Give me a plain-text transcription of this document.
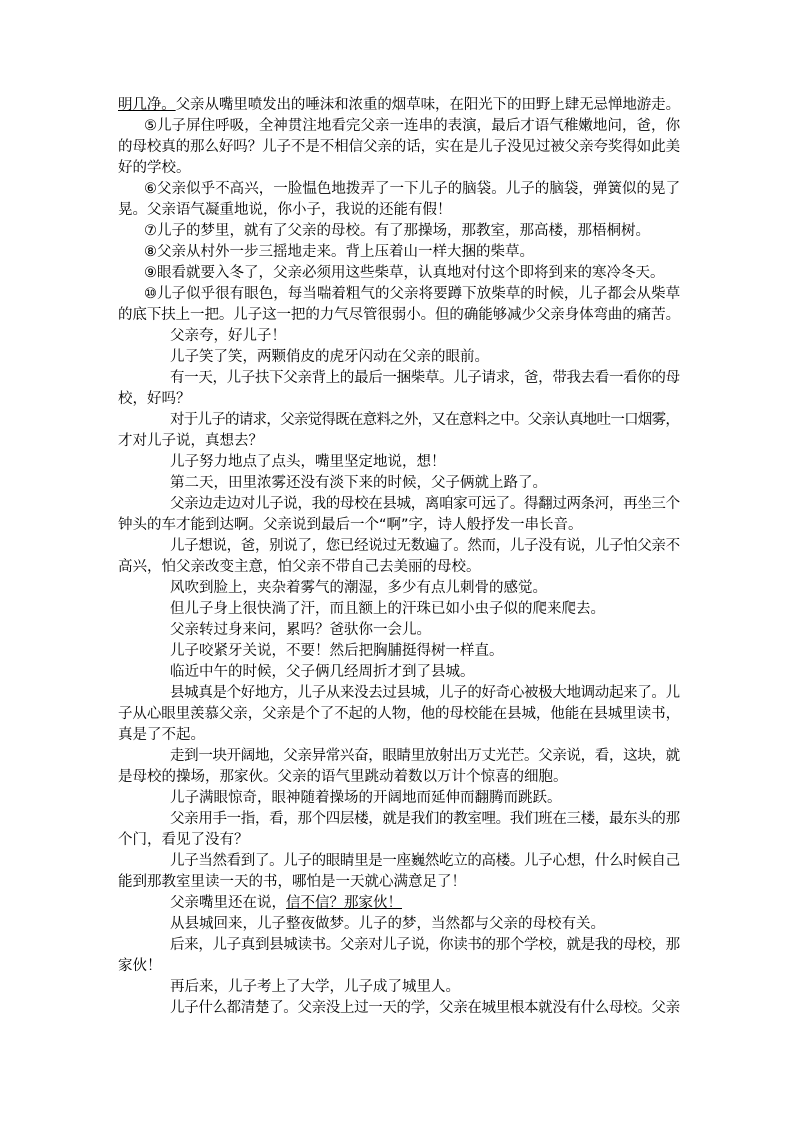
明几净。父亲从嘴里喷发出的唾沫和浓重的烟草味，在阳光下的田野上肆无忌惮地游走。
⑤儿子屏住呼吸，全神贯注地看完父亲一连串的表演，最后才语气稚嫩地问，爸，你
的母校真的那么好吗？儿子不是不相信父亲的话，实在是儿子没见过被父亲夸奖得如此美
好的学校。
⑥父亲似乎不高兴，一脸愠色地拨弄了一下儿子的脑袋。儿子的脑袋，弹簧似的晃了
晃。父亲语气凝重地说，你小子，我说的还能有假！
⑦儿子的梦里，就有了父亲的母校。有了那操场，那教室，那高楼，那梧桐树。
⑧父亲从村外一步三摇地走来。背上压着山一样大捆的柴草。
⑨眼看就要入冬了，父亲必须用这些柴草，认真地对付这个即将到来的寒冷冬天。
⑩儿子似乎很有眼色，每当喘着粗气的父亲将要蹲下放柴草的时候，儿子都会从柴草
的底下扶上一把。儿子这一把的力气尽管很弱小。但的确能够减少父亲身体弯曲的痛苦。
父亲夸，好儿子！
儿子笑了笑，两颗俏皮的虎牙闪动在父亲的眼前。
有一天，儿子扶下父亲背上的最后一捆柴草。儿子请求，爸，带我去看一看你的母
校，好吗？
对于儿子的请求，父亲觉得既在意料之外，又在意料之中。父亲认真地吐一口烟雾，
才对儿子说，真想去？
儿子努力地点了点头，嘴里坚定地说，想！
第二天，田里浓雾还没有淡下来的时候，父子俩就上路了。
父亲边走边对儿子说，我的母校在县城，离咱家可远了。得翻过两条河，再坐三个
钟头的车才能到达啊。父亲说到最后一个“啊”字，诗人般抒发一串长音。
儿子想说，爸，别说了，您已经说过无数遍了。然而，儿子没有说，儿子怕父亲不
高兴，怕父亲改变主意，怕父亲不带自己去美丽的母校。
风吹到脸上，夹杂着雾气的潮湿，多少有点儿刺骨的感觉。
但儿子身上很快淌了汗，而且额上的汗珠已如小虫子似的爬来爬去。
父亲转过身来问，累吗？爸驮你一会儿。
儿子咬紧牙关说，不要！然后把胸脯挺得树一样直。
临近中午的时候，父子俩几经周折才到了县城。
县城真是个好地方，儿子从来没去过县城，儿子的好奇心被极大地调动起来了。儿
子从心眼里羡慕父亲，父亲是个了不起的人物，他的母校能在县城，他能在县城里读书，
真是了不起。
走到一块开阔地，父亲异常兴奋，眼睛里放射出万丈光芒。父亲说，看，这块，就
是母校的操场，那家伙。父亲的语气里跳动着数以万计个惊喜的细胞。
儿子满眼惊奇，眼神随着操场的开阔地而延伸而翻腾而跳跃。
父亲用手一指，看，那个四层楼，就是我们的教室哩。我们班在三楼，最东头的那
个门，看见了没有？
儿子当然看到了。儿子的眼睛里是一座巍然屹立的高楼。儿子心想，什么时候自己
能到那教室里读一天的书，哪怕是一天就心满意足了！
父亲嘴里还在说，信不信？那家伙！
从县城回来，儿子整夜做梦。儿子的梦，当然都与父亲的母校有关。
后来，儿子真到县城读书。父亲对儿子说，你读书的那个学校，就是我的母校，那
家伙！
再后来，儿子考上了大学，儿子成了城里人。
儿子什么都清楚了。父亲没上过一天的学，父亲在城里根本就没有什么母校。父亲
